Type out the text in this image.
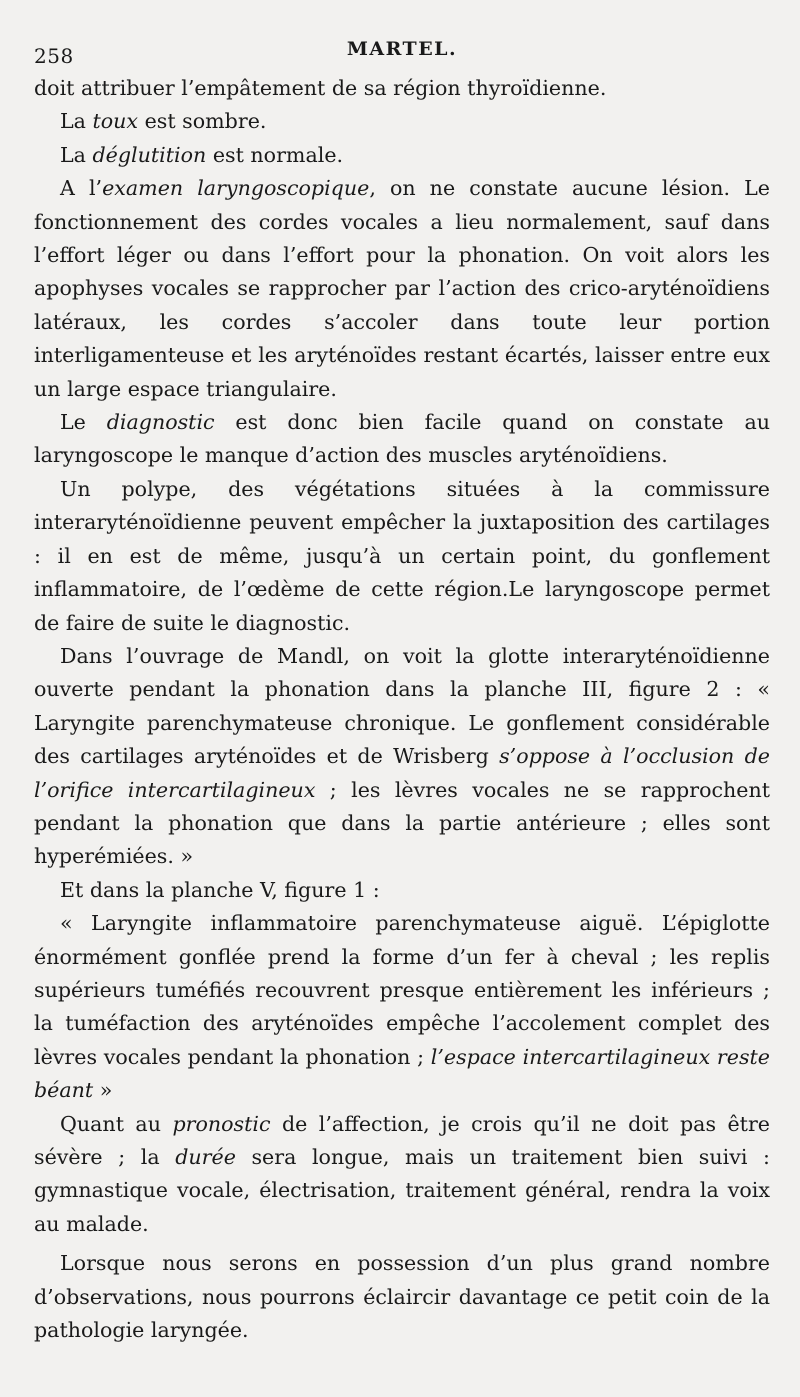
258	MARTEL.

doit attribuer l’empâtement de sa région thyroïdienne.

La toux est sombre.

La déglutition est normale.

A l’examen laryngoscopique, on ne constate aucune lésion. Le fonctionnement des cordes vocales a lieu normalement, sauf dans l’effort léger ou dans l’effort pour la phonation. On voit alors les apophyses vocales se rapprocher par l’action des crico-aryténoïdiens latéraux, les cordes s’accoler dans toute leur portion interligamenteuse et les aryténoïdes restant écartés, laisser entre eux un large espace triangulaire.

Le diagnostic est donc bien facile quand on constate au laryngoscope le manque d’action des muscles aryténoïdiens.

Un polype, des végétations situées à la commissure interaryténoïdienne peuvent empêcher la juxtaposition des cartilages : il en est de même, jusqu’à un certain point, du gonflement inflammatoire, de l’œdème de cette région.Le laryngoscope permet de faire de suite le diagnostic.

Dans l’ouvrage de Mandl, on voit la glotte interaryténoïdienne ouverte pendant la phonation dans la planche III, figure 2 : « Laryngite parenchymateuse chronique. Le gonflement considérable des cartilages aryténoïdes et de Wrisberg s’oppose à l’occlusion de l’orifice intercartilagineux ; les lèvres vocales ne se rapprochent pendant la phonation que dans la partie antérieure ; elles sont hyperémiées. »

Et dans la planche V, figure 1 :

« Laryngite inflammatoire parenchymateuse aiguë. L’épiglotte énormément gonflée prend la forme d’un fer à cheval ; les replis supérieurs tuméfiés recouvrent presque entièrement les inférieurs ; la tuméfaction des aryténoïdes empêche l’accolement complet des lèvres vocales pendant la phonation ; l’espace intercartilagineux reste béant »

Quant au pronostic de l’affection, je crois qu’il ne doit pas être sévère ; la durée sera longue, mais un traitement bien suivi : gymnastique vocale, électrisation, traitement général, rendra la voix au malade.

Lorsque nous serons en possession d’un plus grand nombre d’observations, nous pourrons éclaircir davantage ce petit coin de la pathologie laryngée.
